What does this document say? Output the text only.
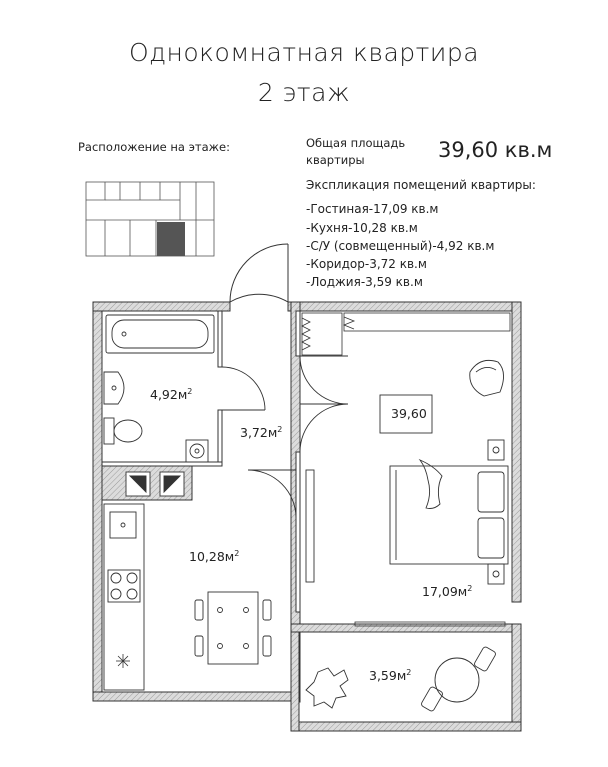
Однокомнатная квартира
2 этаж
Расположение на этаже:	Общая площадь
квартиры	39,60 кв.м
Экспликация помещений квартиры:
-Гостиная-17,09 кв.м
-Кухня-10,28 кв.м
-С/У (совмещенный)-4,92 кв.м
-Коридор-3,72 кв.м
-Лоджия-3,59 кв.м
39,60
$4,92м^2$
$3,72м^2$
$10,28м^2$
$17,09м^2$
$3,59м^2$
